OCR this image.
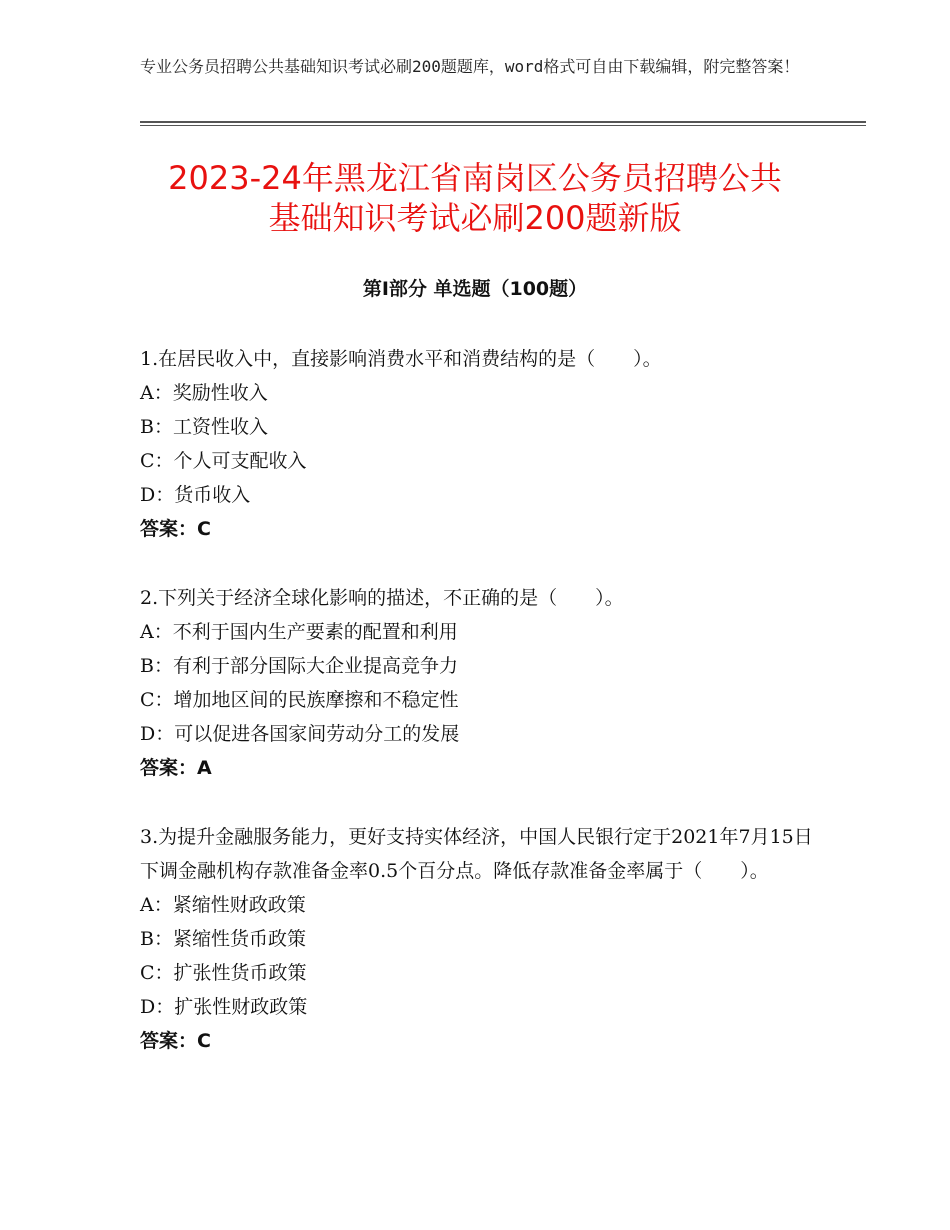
专业公务员招聘公共基础知识考试必刷200题题库，word格式可自由下载编辑，附完整答案！
2023-24年黑龙江省南岗区公务员招聘公共
基础知识考试必刷200题新版
第Ⅰ部分 单选题（100题）

1.在居民收入中，直接影响消费水平和消费结构的是（　　）。

A：奖励性收入

B：工资性收入

C：个人可支配收入

D：货币收入

答案：C

2.下列关于经济全球化影响的描述，不正确的是（　　）。

A：不利于国内生产要素的配置和利用

B：有利于部分国际大企业提高竞争力

C：增加地区间的民族摩擦和不稳定性

D：可以促进各国家间劳动分工的发展

答案：A

3.为提升金融服务能力，更好支持实体经济，中国人民银行定于2021年7月15日下调金融机构存款准备金率0.5个百分点。降低存款准备金率属于（　　）。

A：紧缩性财政政策

B：紧缩性货币政策

C：扩张性货币政策

D：扩张性财政政策

答案：C
